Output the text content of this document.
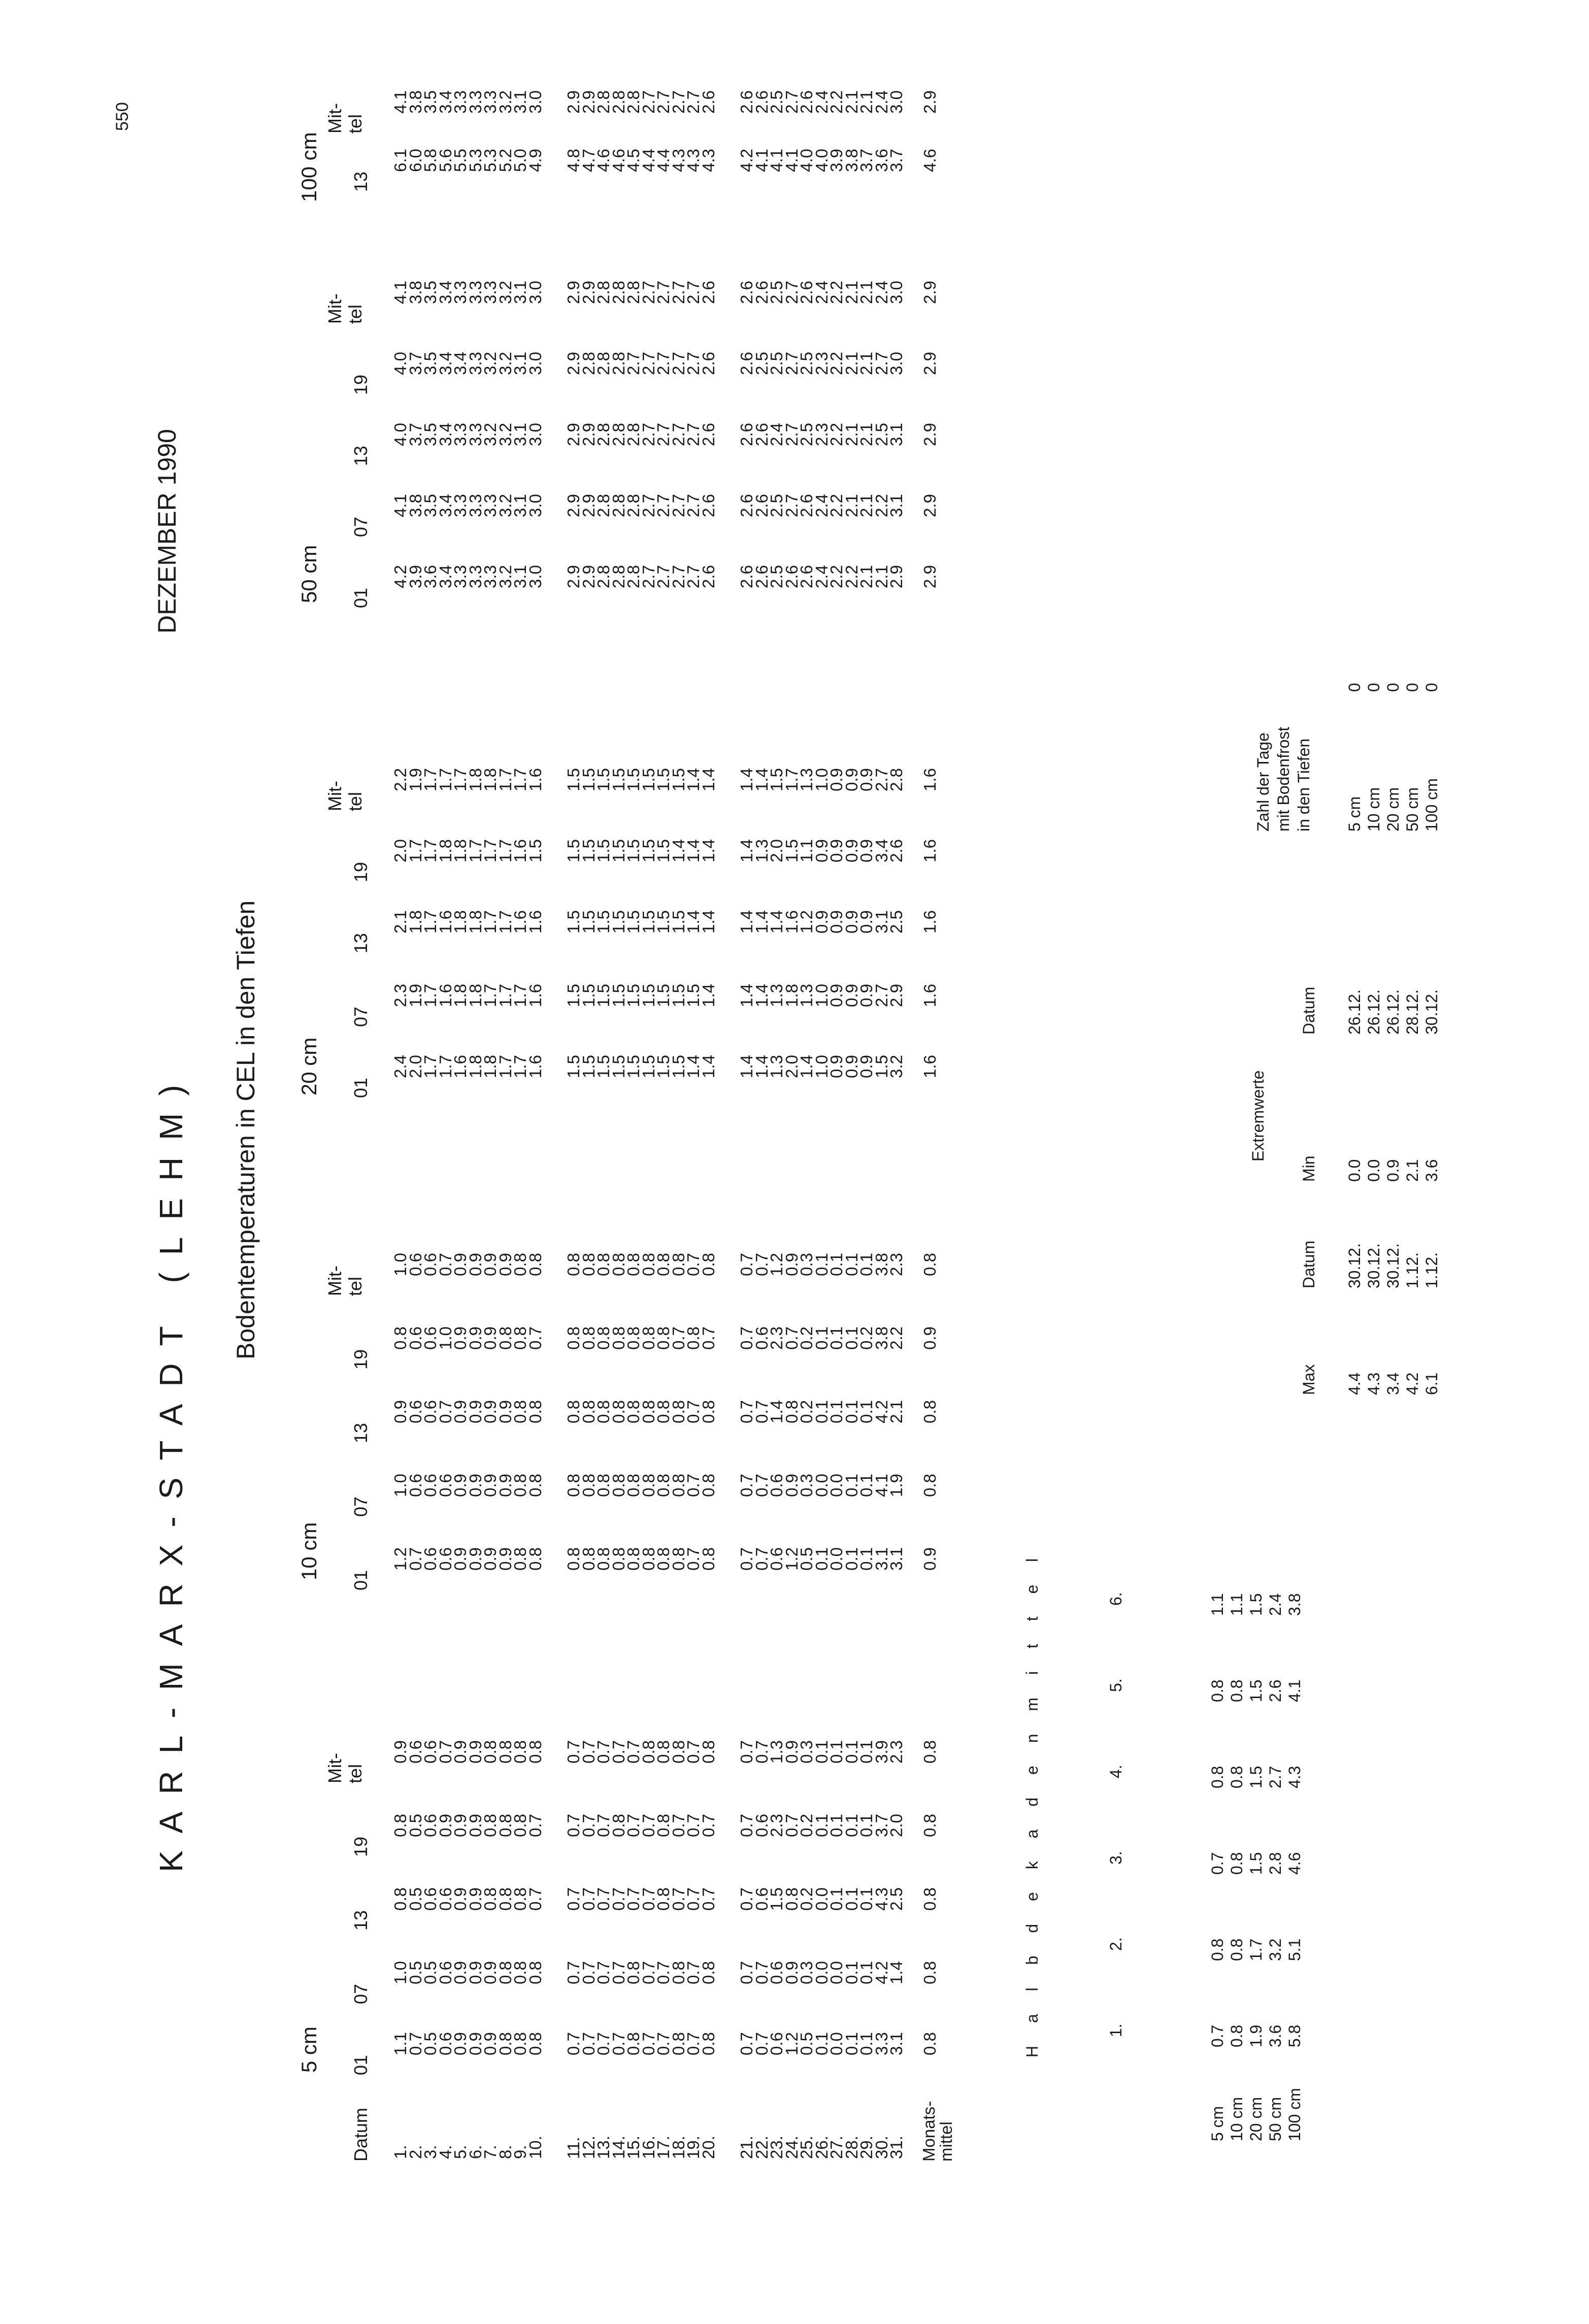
550
KARL-MARX-STADT (LEHM)
DEZEMBER 1990
Bodentemperaturen in CEL in den Tiefen
Datum
5 cm
10 cm
20 cm
50 cm
100 cm
01
07
13
19
Mit-tel
01
07
13
19
Mit-tel
01
07
13
19
Mit-tel
01
07
13
19
Mit-tel
13
Mit-tel
1.
2.
3.
4.
5.
6.
7.
8.
9.
10. 11.
12.
13.
14.
15.
16.
17.
18.
19.
20. 21.
22.
23.
24.
25.
26.
27.
28.
29.
30.
31. Monats-mittel
1.1
0.7
0.5
0.6
0.9
0.9
0.9
0.8
0.8
0.8 0.7
0.7
0.7
0.7
0.8
0.7
0.7
0.8
0.7
0.8 0.7
0.7
0.6
1.2
0.5
0.1
0.0
0.1
0.1
3.3
3.1 0.8
1.0
0.5
0.5
0.6
0.9
0.9
0.9
0.8
0.8
0.8 0.7
0.7
0.7
0.7
0.8
0.7
0.7
0.8
0.7
0.8 0.7
0.7
0.6
0.9
0.3
0.0
0.0
0.1
0.1
4.2
1.4 0.8
0.8
0.5
0.6
0.6
0.9
0.9
0.8
0.8
0.8
0.7 0.7
0.7
0.7
0.7
0.7
0.7
0.8
0.7
0.7
0.7 0.7
0.6
1.5
0.8
0.2
0.0
0.1
0.1
0.1
4.3
2.5 0.8
0.8
0.5
0.6
0.9
0.9
0.9
0.8
0.8
0.8
0.7 0.7
0.7
0.7
0.8
0.7
0.7
0.8
0.7
0.7
0.7 0.7
0.6
2.3
0.7
0.2
0.1
0.1
0.1
0.1
3.7
2.0 0.8
0.9
0.6
0.6
0.7
0.9
0.9
0.8
0.8
0.8
0.8 0.7
0.7
0.7
0.7
0.7
0.8
0.8
0.8
0.7
0.8 0.7
0.7
1.3
0.9
0.3
0.1
0.1
0.1
0.1
3.9
2.3 0.8
1.2
0.7
0.6
0.6
0.9
0.9
0.9
0.9
0.8
0.8 0.8
0.8
0.8
0.8
0.8
0.8
0.8
0.8
0.7
0.8 0.7
0.7
0.6
1.2
0.5
0.1
0.0
0.1
0.1
3.1
3.1 0.9
1.0
0.6
0.6
0.6
0.9
0.9
0.9
0.9
0.8
0.8 0.8
0.8
0.8
0.8
0.8
0.8
0.8
0.8
0.7
0.8 0.7
0.7
0.6
0.9
0.3
0.0
0.0
0.1
0.1
4.1
1.9 0.8
0.9
0.6
0.6
0.7
0.9
0.9
0.9
0.9
0.8
0.8 0.8
0.8
0.8
0.8
0.8
0.8
0.8
0.8
0.7
0.8 0.7
0.7
1.4
0.8
0.2
0.1
0.1
0.1
0.1
4.2
2.1 0.8
0.8
0.6
0.6
1.0
0.9
0.9
0.9
0.8
0.8
0.7 0.8
0.8
0.8
0.8
0.8
0.8
0.8
0.7
0.8
0.7 0.7
0.6
2.3
0.7
0.2
0.1
0.1
0.1
0.2
3.8
2.2 0.9
1.0
0.6
0.6
0.7
0.9
0.9
0.9
0.9
0.8
0.8 0.8
0.8
0.8
0.8
0.8
0.8
0.8
0.8
0.7
0.8 0.7
0.7
1.2
0.9
0.3
0.1
0.1
0.1
0.1
3.8
2.3 0.8
2.4
2.0
1.7
1.7
1.6
1.8
1.8
1.7
1.7
1.6 1.5
1.5
1.5
1.5
1.5
1.5
1.5
1.5
1.4
1.4 1.4
1.4
1.3
2.0
1.4
1.0
0.9
0.9
0.9
1.5
3.2 1.6
2.3
1.9
1.7
1.6
1.8
1.8
1.7
1.7
1.7
1.6 1.5
1.5
1.5
1.5
1.5
1.5
1.5
1.5
1.5
1.4 1.4
1.4
1.3
1.8
1.3
1.0
0.9
0.9
0.9
2.7
2.9 1.6
2.1
1.8
1.7
1.6
1.8
1.8
1.7
1.7
1.6
1.6 1.5
1.5
1.5
1.5
1.5
1.5
1.5
1.5
1.4
1.4 1.4
1.4
1.4
1.6
1.2
0.9
0.9
0.9
0.9
3.1
2.5 1.6
2.0
1.7
1.7
1.8
1.8
1.7
1.7
1.7
1.6
1.5 1.5
1.5
1.5
1.5
1.5
1.5
1.5
1.4
1.4
1.4 1.4
1.3
2.0
1.5
1.1
0.9
0.9
0.9
0.9
3.4
2.6 1.6
2.2
1.9
1.7
1.7
1.7
1.8
1.8
1.7
1.7
1.6 1.5
1.5
1.5
1.5
1.5
1.5
1.5
1.5
1.4
1.4 1.4
1.4
1.5
1.7
1.3
1.0
0.9
0.9
0.9
2.7
2.8 1.6
4.2
3.9
3.6
3.4
3.3
3.3
3.3
3.2
3.1
3.0 2.9
2.9
2.8
2.8
2.8
2.7
2.7
2.7
2.7
2.6 2.6
2.6
2.5
2.6
2.6
2.4
2.2
2.2
2.1
2.1
2.9 2.9
4.1
3.8
3.5
3.4
3.3
3.3
3.3
3.2
3.1
3.0 2.9
2.9
2.8
2.8
2.8
2.7
2.7
2.7
2.7
2.6 2.6
2.6
2.5
2.7
2.6
2.4
2.2
2.1
2.1
2.2
3.1 2.9
4.0
3.7
3.5
3.4
3.3
3.3
3.2
3.2
3.1
3.0 2.9
2.9
2.8
2.8
2.8
2.7
2.7
2.7
2.7
2.6 2.6
2.6
2.4
2.7
2.5
2.3
2.2
2.1
2.1
2.5
3.1 2.9
4.0
3.7
3.5
3.4
3.4
3.3
3.2
3.2
3.1
3.0 2.9
2.8
2.8
2.8
2.7
2.7
2.7
2.7
2.7
2.6 2.6
2.5
2.5
2.7
2.5
2.3
2.2
2.1
2.1
2.7
3.0 2.9
4.1
3.8
3.5
3.4
3.3
3.3
3.3
3.2
3.1
3.0 2.9
2.9
2.8
2.8
2.8
2.7
2.7
2.7
2.7
2.6 2.6
2.6
2.5
2.7
2.6
2.4
2.2
2.1
2.1
2.4
3.0 2.9
6.1
6.0
5.8
5.6
5.5
5.3
5.3
5.2
5.0
4.9 4.8
4.7
4.6
4.6
4.5
4.4
4.4
4.3
4.3
4.3 4.2
4.1
4.1
4.1
4.0
4.0
3.9
3.8
3.7
3.6
3.7 4.6
4.1
3.8
3.5
3.4
3.3
3.3
3.3
3.2
3.1
3.0 2.9
2.9
2.8
2.8
2.8
2.7
2.7
2.7
2.7
2.6 2.6
2.6
2.5
2.7
2.6
2.4
2.2
2.1
2.1
2.4
3.0 2.9
H a l b d e k a d e n m i t t e l	1.
2.
3.
4.
5.
6.
5 cm
0.7
0.8
0.7
0.8
0.8
1.1
10 cm
0.8
0.8
0.8
0.8
0.8
1.1
20 cm
1.9
1.7
1.5
1.5
1.5
1.5
50 cm
3.6
3.2
2.8
2.7
2.6
2.4
100 cm
5.8
5.1
4.6
4.3
4.1
3.8
Extremwerte
Max
Datum
Min
Datum
4.4
30.12.
0.0
26.12.
4.3
30.12.
0.0
26.12.
3.4
30.12.
0.9
26.12.
4.2
1.12.
2.1
28.12.
6.1
1.12.
3.6
30.12.
Zahl der Tage mit Bodenfrost in den Tiefen 5 cm
0
10 cm
0
20 cm
0
50 cm
0
100 cm
0
